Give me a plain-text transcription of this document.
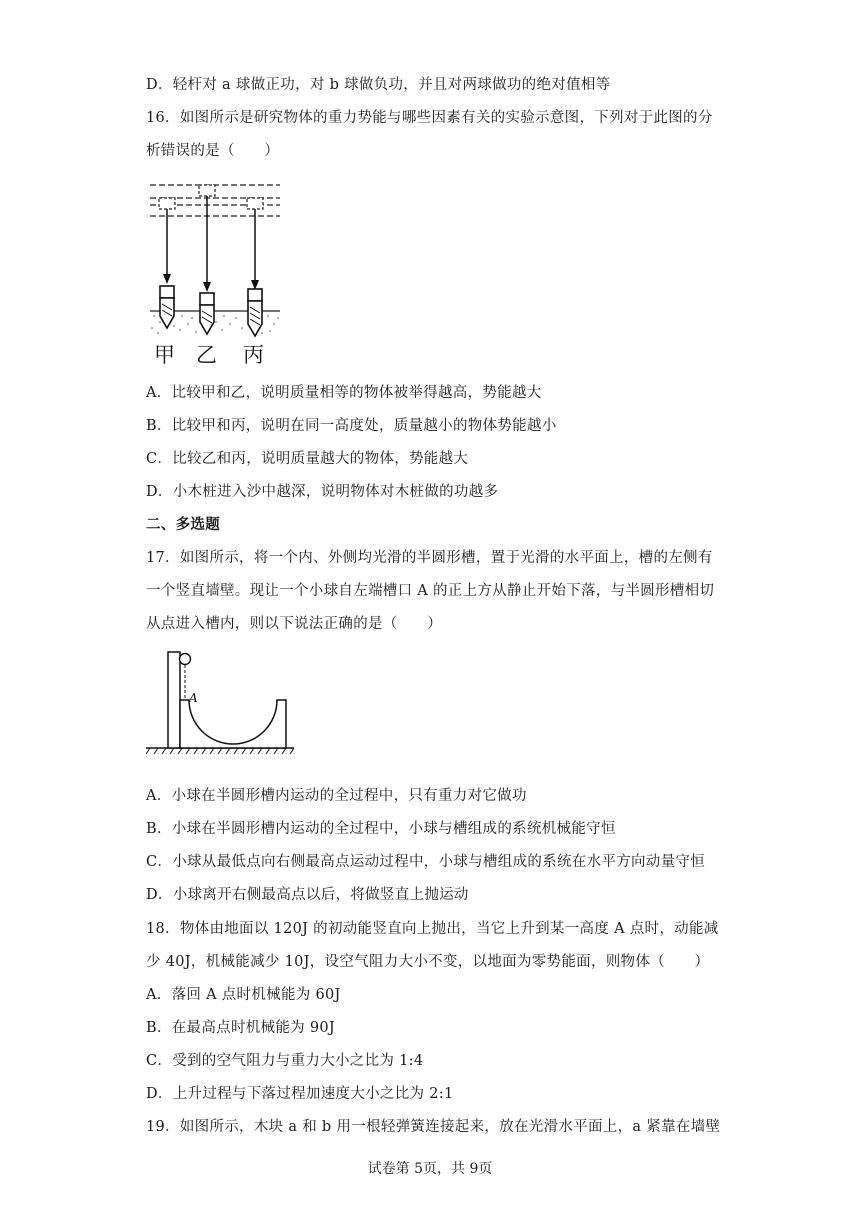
D．轻杆对 a 球做正功，对 b 球做负功，并且对两球做功的绝对值相等
16．如图所示是研究物体的重力势能与哪些因素有关的实验示意图，下列对于此图的分
析错误的是（　　）
甲 乙 丙
A．比较甲和乙，说明质量相等的物体被举得越高，势能越大
B．比较甲和丙，说明在同一高度处，质量越小的物体势能越小
C．比较乙和丙，说明质量越大的物体，势能越大
D．小木桩进入沙中越深，说明物体对木桩做的功越多
二、多选题
17．如图所示，将一个内、外侧均光滑的半圆形槽，置于光滑的水平面上，槽的左侧有
一个竖直墙壁。现让一个小球自左端槽口 A 的正上方从静止开始下落，与半圆形槽相切
从点进入槽内，则以下说法正确的是（　　）
A
A．小球在半圆形槽内运动的全过程中，只有重力对它做功
B．小球在半圆形槽内运动的全过程中，小球与槽组成的系统机械能守恒
C．小球从最低点向右侧最高点运动过程中，小球与槽组成的系统在水平方向动量守恒
D．小球离开右侧最高点以后，将做竖直上抛运动
18．物体由地面以 120J 的初动能竖直向上抛出，当它上升到某一高度 A 点时，动能减
少 40J，机械能减少 10J，设空气阻力大小不变，以地面为零势能面，则物体（　　）
A．落回 A 点时机械能为 60J
B．在最高点时机械能为 90J
C．受到的空气阻力与重力大小之比为 1:4
D．上升过程与下落过程加速度大小之比为 2:1
19．如图所示，木块 a 和 b 用一根轻弹簧连接起来，放在光滑水平面上，a 紧靠在墙壁
试卷第 5页，共 9页
